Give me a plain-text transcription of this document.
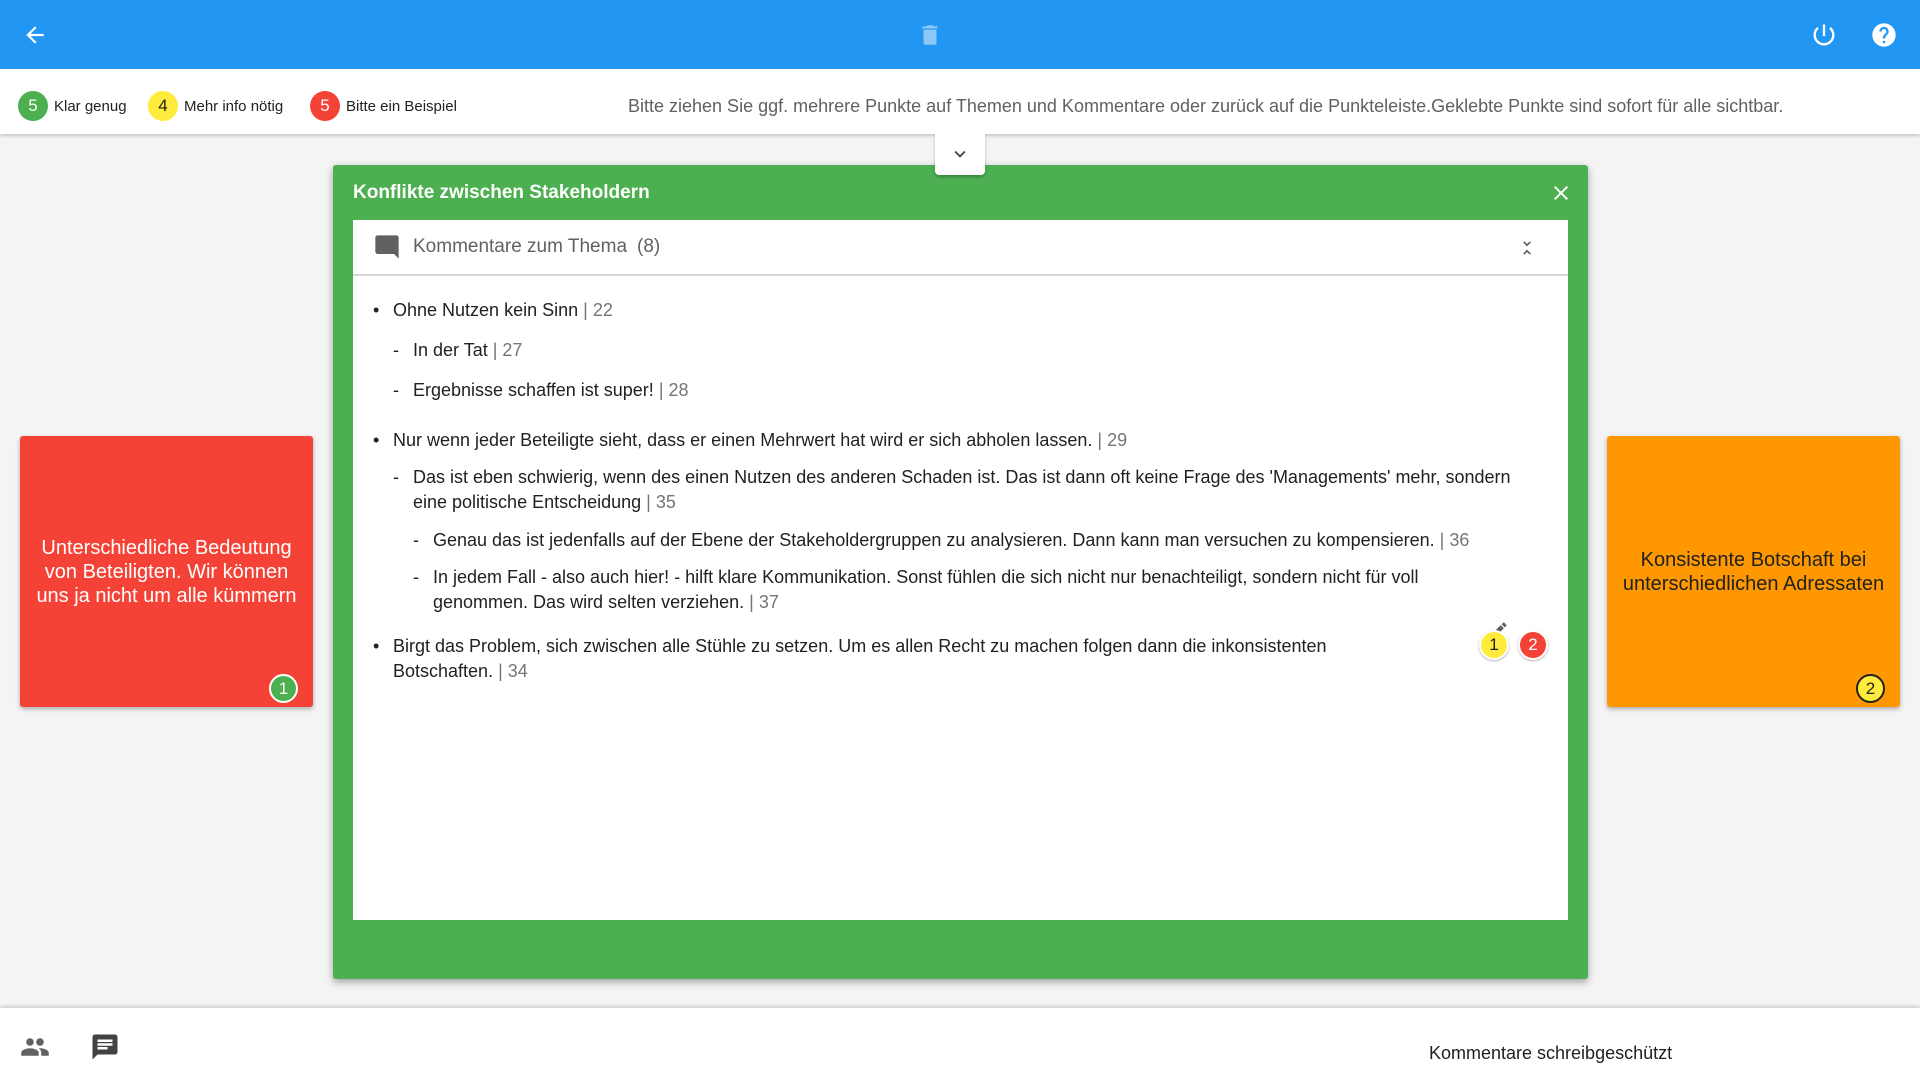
5	Klar genug	4	Mehr info nötig	5	Bitte ein Beispiel	Bitte ziehen Sie ggf. mehrere Punkte auf Themen und Kommentare oder zurück auf die Punkteleiste.Geklebte Punkte sind sofort für alle sichtbar.
Unterschiedliche Bedeutung von Beteiligten. Wir können uns ja nicht um alle kümmern
1
Konsistente Botschaft bei unterschiedlichen Adressaten
2
Konflikte zwischen Stakeholdern
Kommentare zum Thema (8)
• Ohne Nutzen kein Sinn | 22
- In der Tat | 27
- Ergebnisse schaffen ist super! | 28
• Nur wenn jeder Beteiligte sieht, dass er einen Mehrwert hat wird er sich abholen lassen. | 29
- Das ist eben schwierig, wenn des einen Nutzen des anderen Schaden ist. Das ist dann oft keine Frage des 'Managements' mehr, sondern eine politische Entscheidung | 35
- Genau das ist jedenfalls auf der Ebene der Stakeholdergruppen zu analysieren. Dann kann man versuchen zu kompensieren. | 36
- In jedem Fall - also auch hier! - hilft klare Kommunikation. Sonst fühlen die sich nicht nur benachteiligt, sondern nicht für voll genommen. Das wird selten verziehen. | 37
• Birgt das Problem, sich zwischen alle Stühle zu setzen. Um es allen Recht zu machen folgen dann die inkonsistenten Botschaften. | 34
1	2
Kommentare schreibgeschützt
